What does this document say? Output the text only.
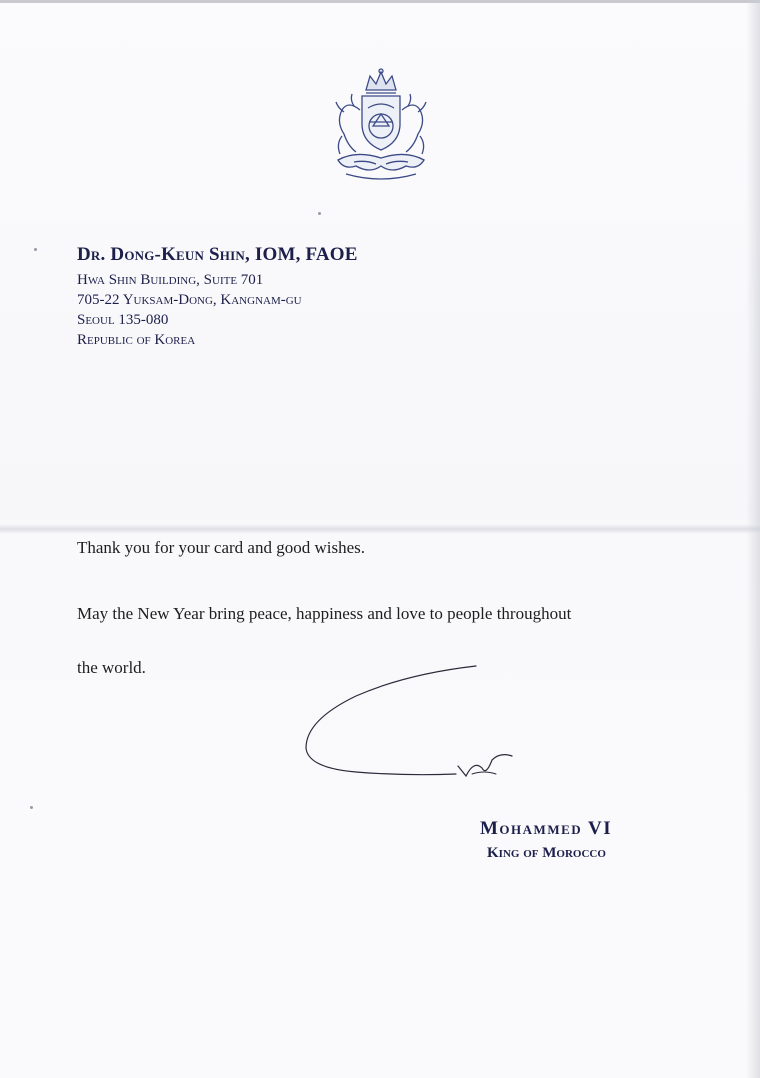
Dr. Dong-Keun Shin, IOM, FAOE

Hwa Shin Building, Suite 701

705-22 Yuksam-Dong, Kangnam-gu

Seoul 135-080

Republic of Korea

Thank you for your card and good wishes.

May the New Year bring peace, happiness and love to people throughout

the world.

Mohammed VI

King of Morocco
